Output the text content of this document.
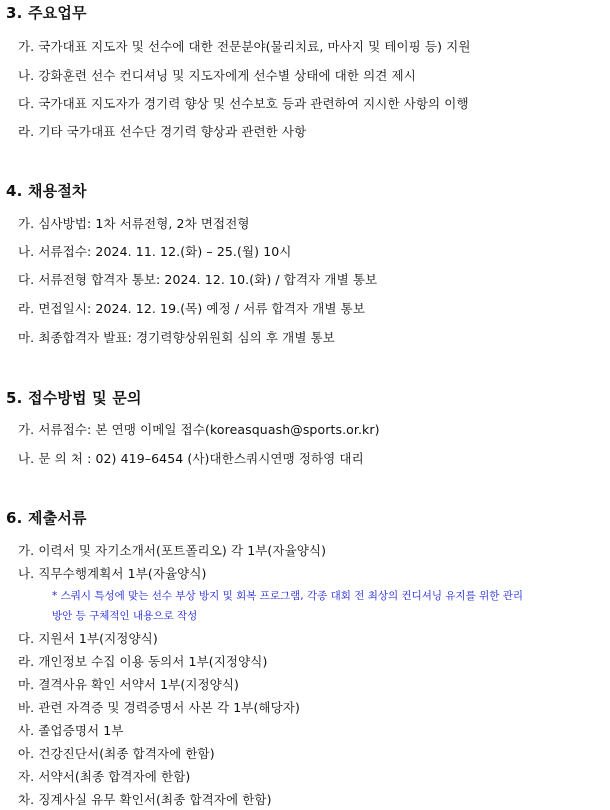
3. 주요업무
가. 국가대표 지도자 및 선수에 대한 전문분야(물리치료, 마사지 및 테이핑 등) 지원
나. 강화훈련 선수 컨디셔닝 및 지도자에게 선수별 상태에 대한 의견 제시
다. 국가대표 지도자가 경기력 향상 및 선수보호 등과 관련하여 지시한 사항의 이행
라. 기타 국가대표 선수단 경기력 향상과 관련한 사항
4. 채용절차
가. 심사방법: 1차 서류전형, 2차 면접전형
나. 서류접수: 2024. 11. 12.(화) – 25.(월) 10시
다. 서류전형 합격자 통보: 2024. 12. 10.(화) / 합격자 개별 통보
라. 면접일시: 2024. 12. 19.(목) 예정 / 서류 합격자 개별 통보
마. 최종합격자 발표: 경기력향상위원회 심의 후 개별 통보
5. 접수방법 및 문의
가. 서류접수: 본 연맹 이메일 접수(koreasquash@sports.or.kr)
나. 문 의 처 : 02) 419–6454 (사)대한스쿼시연맹 정하영 대리
6. 제출서류
가. 이력서 및 자기소개서(포트폴리오) 각 1부(자율양식)
나. 직무수행계획서 1부(자율양식)
* 스쿼시 특성에 맞는 선수 부상 방지 및 회복 프로그램, 각종 대회 전 최상의 컨디셔닝 유지를 위한 관리
방안 등 구체적인 내용으로 작성
다. 지원서 1부(지정양식)
라. 개인정보 수집 이용 동의서 1부(지정양식)
마. 결격사유 확인 서약서 1부(지정양식)
바. 관련 자격증 및 경력증명서 사본 각 1부(해당자)
사. 졸업증명서 1부
아. 건강진단서(최종 합격자에 한함)
자. 서약서(최종 합격자에 한함)
차. 징계사실 유무 확인서(최종 합격자에 한함)
